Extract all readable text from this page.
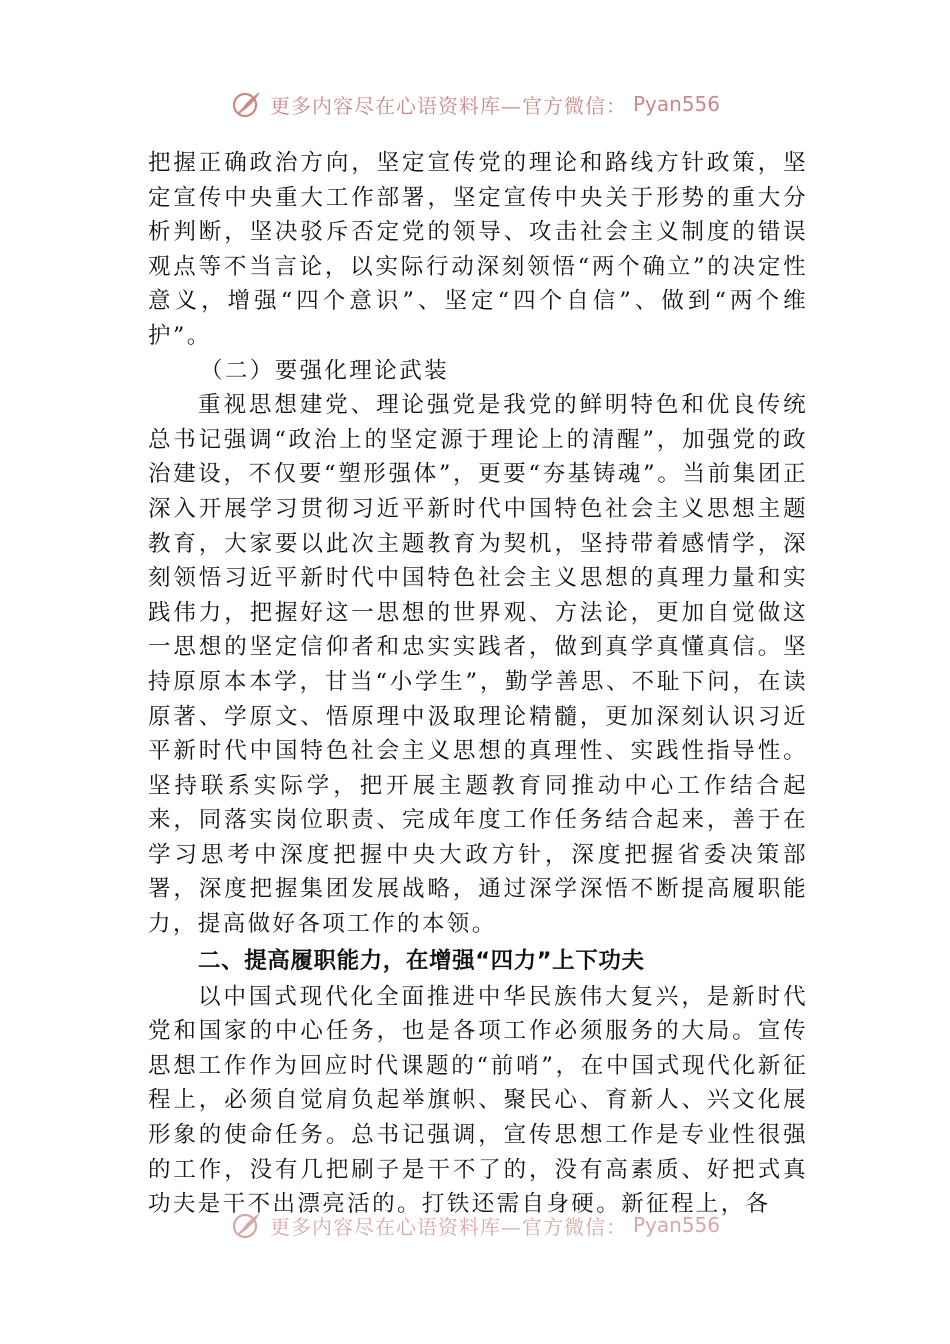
更多内容尽在心语资料库—官方微信： Pyan556

把握正确政治方向，坚定宣传党的理论和路线方针政策，坚定宣传中央重大工作部署，坚定宣传中央关于形势的重大分析判断，坚决驳斥否定党的领导、攻击社会主义制度的错误观点等不当言论，以实际行动深刻领悟“两个确立”的决定性意义，增强“四个意识”、坚定“四个自信”、做到“两个维护”。

（二）要强化理论武装

重视思想建党、理论强党是我党的鲜明特色和优良传统总书记强调“政治上的坚定源于理论上的清醒”，加强党的政治建设，不仅要“塑形强体”，更要“夯基铸魂”。当前集团正深入开展学习贯彻习近平新时代中国特色社会主义思想主题教育，大家要以此次主题教育为契机，坚持带着感情学，深刻领悟习近平新时代中国特色社会主义思想的真理力量和实践伟力，把握好这一思想的世界观、方法论，更加自觉做这一思想的坚定信仰者和忠实实践者，做到真学真懂真信。坚持原原本本学，甘当“小学生”，勤学善思、不耻下问，在读原著、学原文、悟原理中汲取理论精髓，更加深刻认识习近平新时代中国特色社会主义思想的真理性、实践性指导性。坚持联系实际学，把开展主题教育同推动中心工作结合起来，同落实岗位职责、完成年度工作任务结合起来，善于在学习思考中深度把握中央大政方针，深度把握省委决策部署，深度把握集团发展战略，通过深学深悟不断提高履职能力，提高做好各项工作的本领。

二、提高履职能力，在增强“四力”上下功夫

以中国式现代化全面推进中华民族伟大复兴，是新时代党和国家的中心任务，也是各项工作必须服务的大局。宣传思想工作作为回应时代课题的“前哨”，在中国式现代化新征程上，必须自觉肩负起举旗帜、聚民心、育新人、兴文化展形象的使命任务。总书记强调，宣传思想工作是专业性很强的工作，没有几把刷子是干不了的，没有高素质、好把式真功夫是干不出漂亮活的。打铁还需自身硬。新征程上，各

更多内容尽在心语资料库—官方微信： Pyan556
